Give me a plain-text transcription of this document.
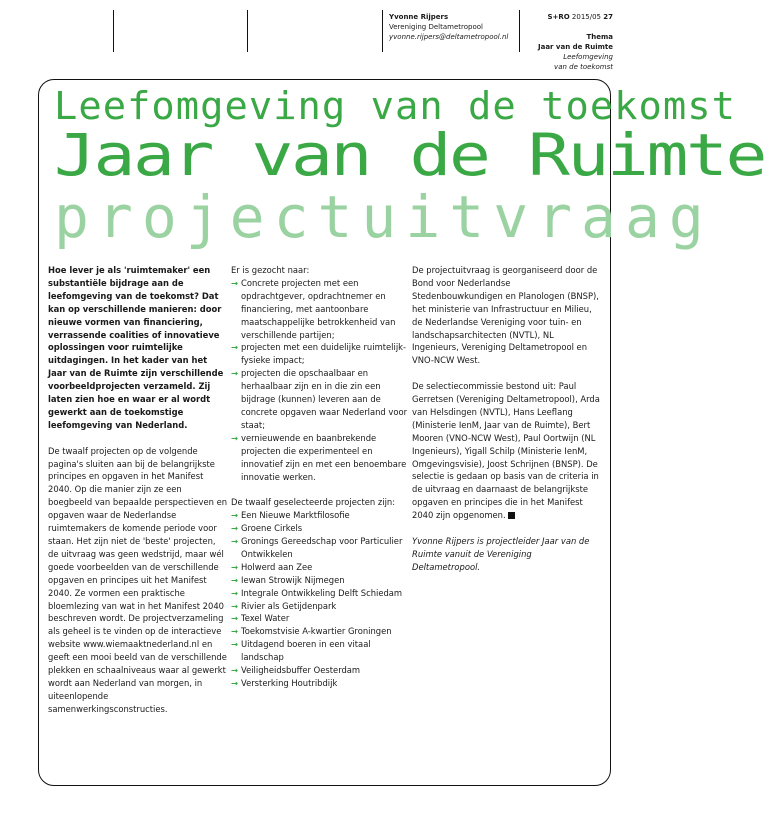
Yvonne Rijpers
Vereniging Deltametropool
yvonne.rijpers@deltametropool.nl
S+RO 2015/05 27
Thema
Jaar van de Ruimte
Leefomgeving
van de toekomst
Leefomgeving van de toekomst
Jaar van de Ruimte
projectuitvraag

Hoe lever je als 'ruimtemaker' een substantiële bijdrage aan de leefomgeving van de toekomst? Dat kan op verschillende manieren: door nieuwe vormen van financiering, verrassende coalities of innovatieve oplossingen voor ruimtelijke uitdagingen. In het kader van het Jaar van de Ruimte zijn verschillende voorbeeldprojecten verzameld. Zij laten zien hoe en waar er al wordt gewerkt aan de toekomstige leefomgeving van Nederland.

De twaalf projecten op de volgende pagina's sluiten aan bij de belangrijkste principes en opgaven in het Manifest 2040. Op die manier zijn ze een boegbeeld van bepaalde perspectieven en opgaven waar de Nederlandse ruimtemakers de komende periode voor staan. Het zijn niet de 'beste' projecten, de uitvraag was geen wedstrijd, maar wél goede voorbeelden van de verschillende opgaven en principes uit het Manifest 2040. Ze vormen een praktische bloemlezing van wat in het Manifest 2040 beschreven wordt. De projectverzameling als geheel is te vinden op de interactieve website www.wiemaaktnederland.nl en geeft een mooi beeld van de verschillende plekken en schaalniveaus waar al gewerkt wordt aan Nederland van morgen, in uiteenlopende samenwerkingsconstructies.

Er is gezocht naar:
→ Concrete projecten met een opdrachtgever, opdrachtnemer en financiering, met aantoonbare maatschappelijke betrokkenheid van verschillende partijen;
→ projecten met een duidelijke ruimtelijk-fysieke impact;
→ projecten die opschaalbaar en herhaalbaar zijn en in die zin een bijdrage (kunnen) leveren aan de concrete opgaven waar Nederland voor staat;
→ vernieuwende en baanbrekende projecten die experimenteel en innovatief zijn en met een benoembare innovatie werken.
De twaalf geselecteerde projecten zijn:
→ Een Nieuwe Marktfilosofie
→ Groene Cirkels
→ Gronings Gereedschap voor Particulier Ontwikkelen
→ Holwerd aan Zee
→ Iewan Strowijk Nijmegen
→ Integrale Ontwikkeling Delft Schiedam
→ Rivier als Getijdenpark
→ Texel Water
→ Toekomstvisie A-kwartier Groningen
→ Uitdagend boeren in een vitaal landschap
→ Veiligheidsbuffer Oesterdam
→ Versterking Houtribdijk

De projectuitvraag is georganiseerd door de Bond voor Nederlandse Stedenbouwkundigen en Planologen (BNSP), het ministerie van Infrastructuur en Milieu, de Nederlandse Vereniging voor tuin- en landschapsarchitecten (NVTL), NL Ingenieurs, Vereniging Deltametropool en VNO-NCW West.

De selectiecommissie bestond uit: Paul Gerretsen (Vereniging Deltametropool), Arda van Helsdingen (NVTL), Hans Leeflang (Ministerie IenM, Jaar van de Ruimte), Bert Mooren (VNO-NCW West), Paul Oortwijn (NL Ingenieurs), Yigall Schilp (Ministerie IenM, Omgevingsvisie), Joost Schrijnen (BNSP). De selectie is gedaan op basis van de criteria in de uitvraag en daarnaast de belangrijkste opgaven en principes die in het Manifest 2040 zijn opgenomen.

Yvonne Rijpers is projectleider Jaar van de Ruimte vanuit de Vereniging Deltametropool.
